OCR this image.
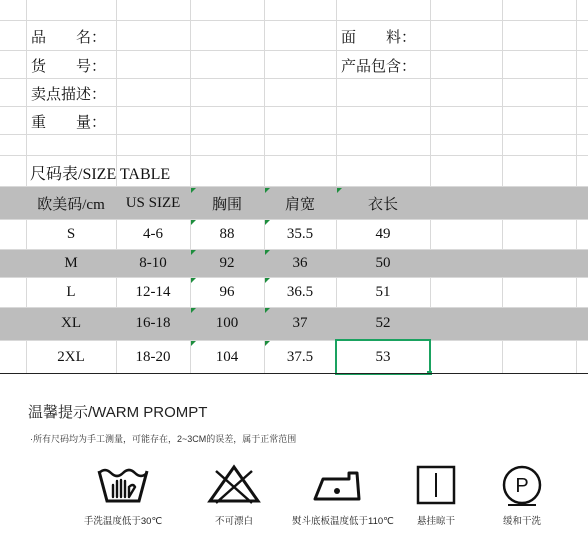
品　　名：	面　　料：
货　　号：	产品包含：
卖点描述：
重　　量：
尺码表/SIZE TABLE
欧美码/cm	US SIZE	胸围	肩宽	衣长
S	4-6	88	35.5	49
M	8-10	92	36	50
L	12-14	96	36.5	51
XL	16-18	100	37	52
2XL	18-20	104	37.5	53
温馨提示/WARM PROMPT
·所有尺码均为手工测量，可能存在，2~3CM的误差，属于正常范围
手洗温度低于30℃	不可漂白	熨斗底板温度低于110℃	悬挂晾干
P
缓和干洗
